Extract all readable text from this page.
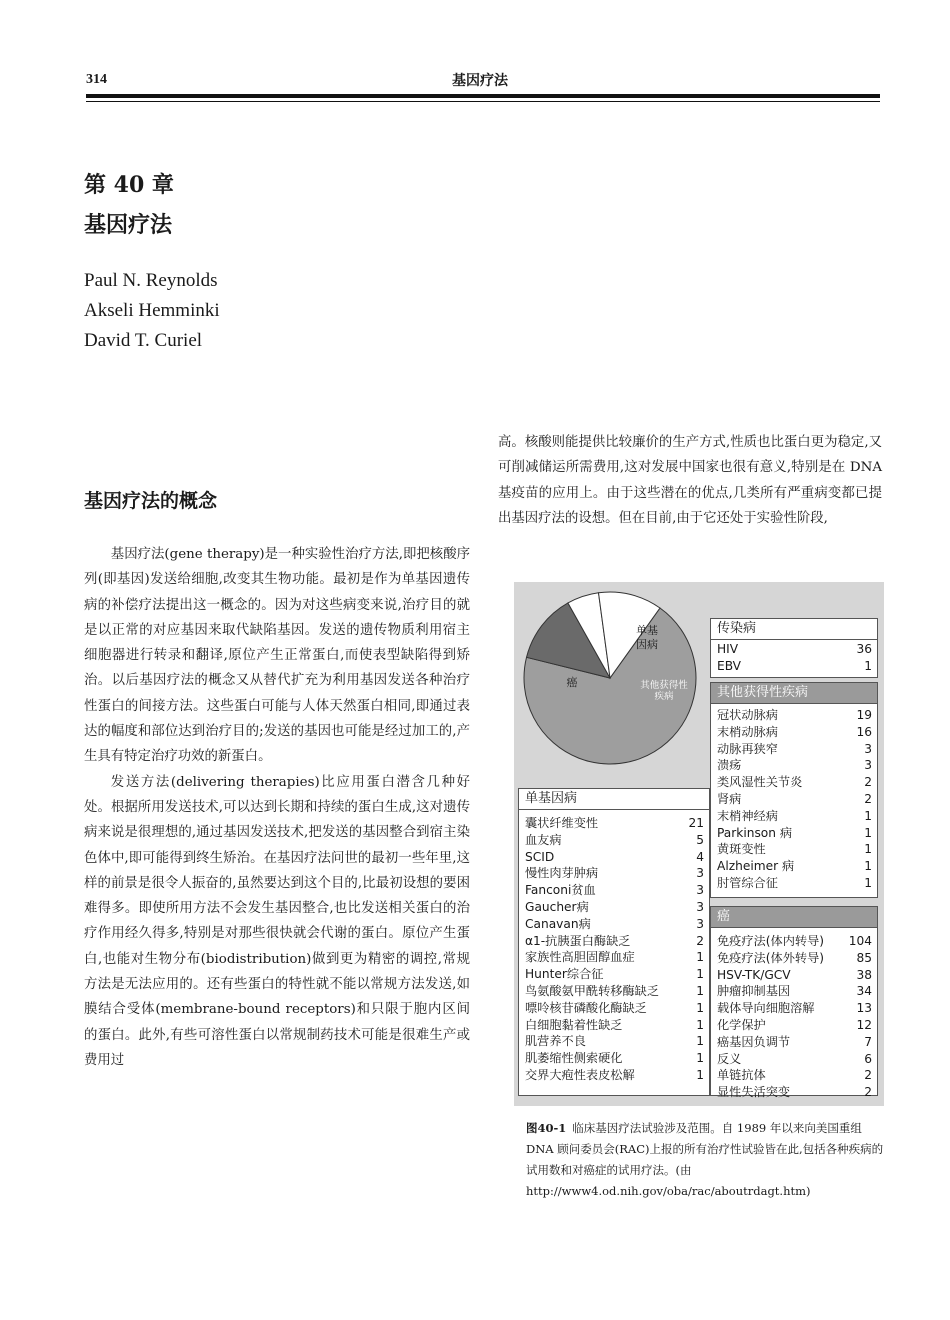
314	基因疗法
第 40 章
基因疗法
Paul N. Reynolds
Akseli Hemminki
David T. Curiel
基因疗法的概念

基因疗法(gene therapy)是一种实验性治疗方法,即把核酸序列(即基因)发送给细胞,改变其生物功能。最初是作为单基因遗传病的补偿疗法提出这一概念的。因为对这些病变来说,治疗目的就是以正常的对应基因来取代缺陷基因。发送的遗传物质利用宿主细胞器进行转录和翻译,原位产生正常蛋白,而使表型缺陷得到矫治。以后基因疗法的概念又从替代扩充为利用基因发送各种治疗性蛋白的间接方法。这些蛋白可能与人体天然蛋白相同,即通过表达的幅度和部位达到治疗目的;发送的基因也可能是经过加工的,产生具有特定治疗功效的新蛋白。

发送方法(delivering therapies)比应用蛋白潜含几种好处。根据所用发送技术,可以达到长期和持续的蛋白生成,这对遗传病来说是很理想的,通过基因发送技术,把发送的基因整合到宿主染色体中,即可能得到终生矫治。在基因疗法问世的最初一些年里,这样的前景是很令人振奋的,虽然要达到这个目的,比最初设想的要困难得多。即使所用方法不会发生基因整合,也比发送相关蛋白的治疗作用经久得多,特别是对那些很快就会代谢的蛋白。原位产生蛋白,也能对生物分布(biodistribution)做到更为精密的调控,常规方法是无法应用的。还有些蛋白的特性就不能以常规方法发送,如膜结合受体(membrane-bound receptors)和只限于胞内区间的蛋白。此外,有些可溶性蛋白以常规制药技术可能是很难生产或费用过

高。核酸则能提供比较廉价的生产方式,性质也比蛋白更为稳定,又可削减储运所需费用,这对发展中国家也很有意义,特别是在 DNA 基疫苗的应用上。由于这些潜在的优点,几类所有严重病变都已提出基因疗法的设想。但在目前,由于它还处于实验性阶段,

癌
单基因病
其他获得性疾病
传染病
HIV	36
EBV	1
其他获得性疾病
冠状动脉病	19
末梢动脉病	16
动脉再狭窄	3
溃疡	3
类风湿性关节炎	2
肾病	2
末梢神经病	1
Parkinson 病	1
黄斑变性	1
Alzheimer 病	1
肘管综合征	1
单基因病
囊状纤维变性	21
血友病	5
SCID	4
慢性肉芽肿病	3
Fanconi贫血	3
Gaucher病	3
Canavan病	3
α1-抗胰蛋白酶缺乏	2
家族性高胆固醇血症	1
Hunter综合征	1
鸟氨酸氨甲酰转移酶缺乏	1
嘌呤核苷磷酸化酶缺乏	1
白细胞黏着性缺乏	1
肌营养不良	1
肌萎缩性侧索硬化	1
交界大疱性表皮松解	1
癌
免疫疗法(体内转导) 104
免疫疗法(体外转导)	85
HSV-TK/GCV	38
肿瘤抑制基因	34
载体导向细胞溶解	13
化学保护	12
癌基因负调节	7
反义	6
单链抗体	2
显性失活突变	2
图40-1 临床基因疗法试验涉及范围。自 1989 年以来向美国重组 DNA 顾问委员会(RAC)上报的所有治疗性试验皆在此,包括各种疾病的试用数和对癌症的试用疗法。(由 http://www4.od.nih.gov/oba/rac/aboutrdagt.htm)
